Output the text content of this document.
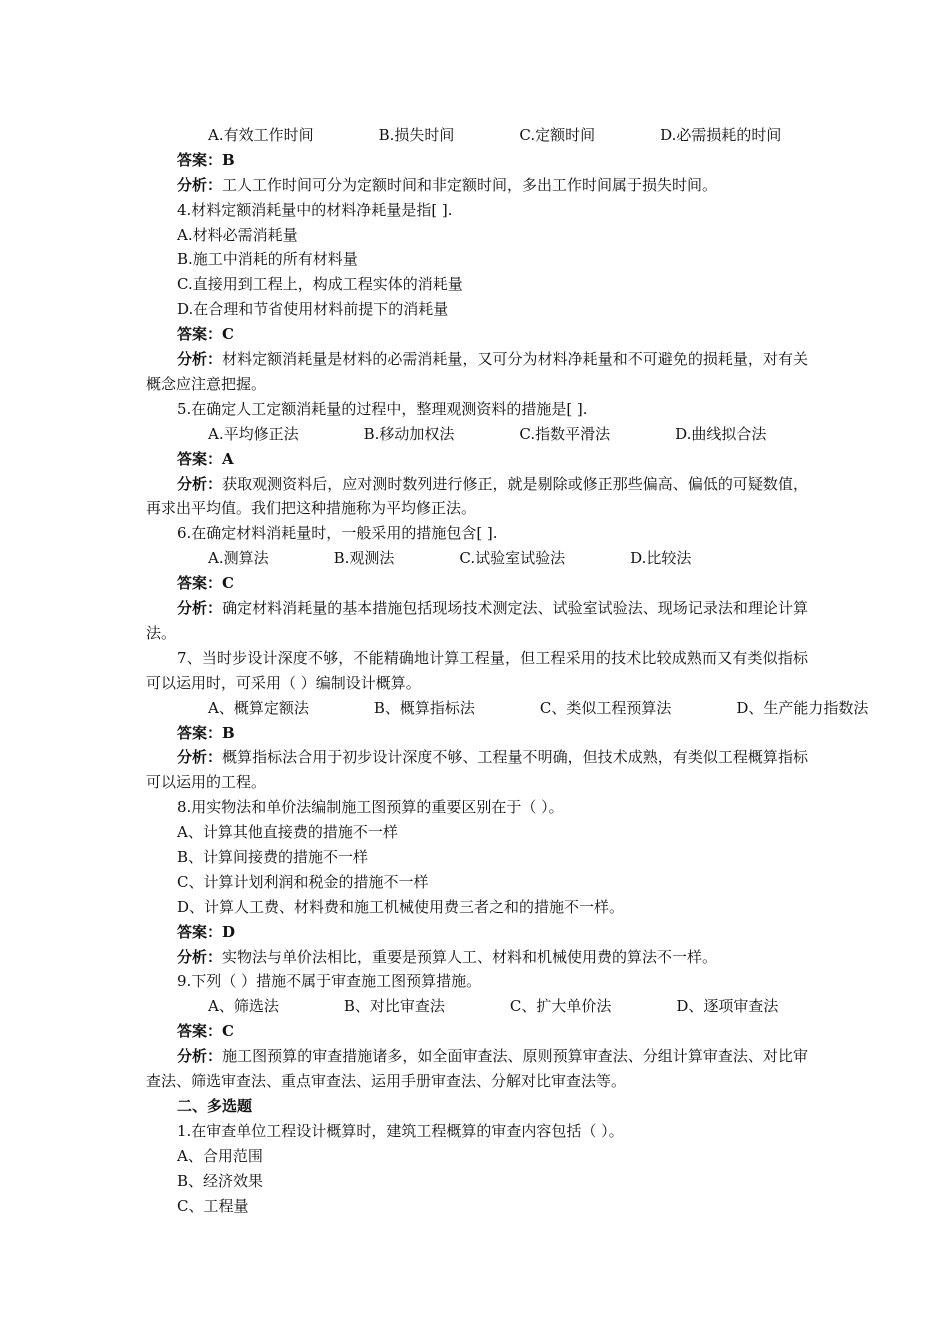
A.有效工作时间	B.损失时间	C.定额时间	D.必需损耗的时间
答案：B
分析：工人工作时间可分为定额时间和非定额时间，多出工作时间属于损失时间。
4.材料定额消耗量中的材料净耗量是指[ ].
A.材料必需消耗量
B.施工中消耗的所有材料量
C.直接用到工程上，构成工程实体的消耗量
D.在合理和节省使用材料前提下的消耗量
答案：C
分析：材料定额消耗量是材料的必需消耗量，又可分为材料净耗量和不可避免的损耗量，对有关概念应注意把握。
5.在确定人工定额消耗量的过程中，整理观测资料的措施是[ ].
A.平均修正法	B.移动加权法	C.指数平滑法	D.曲线拟合法
答案：A
分析：获取观测资料后，应对测时数列进行修正，就是剔除或修正那些偏高、偏低的可疑数值，再求出平均值。我们把这种措施称为平均修正法。
6.在确定材料消耗量时，一般采用的措施包含[ ].
A.测算法	B.观测法	C.试验室试验法	D.比较法
答案：C
分析：确定材料消耗量的基本措施包括现场技术测定法、试验室试验法、现场记录法和理论计算法。
7、当时步设计深度不够，不能精确地计算工程量，但工程采用的技术比较成熟而又有类似指标可以运用时，可采用（ ）编制设计概算。
A、概算定额法	B、概算指标法	C、类似工程预算法	D、生产能力指数法
答案：B
分析：概算指标法合用于初步设计深度不够、工程量不明确，但技术成熟，有类似工程概算指标可以运用的工程。
8.用实物法和单价法编制施工图预算的重要区别在于（ ）。
A、计算其他直接费的措施不一样
B、计算间接费的措施不一样
C、计算计划利润和税金的措施不一样
D、计算人工费、材料费和施工机械使用费三者之和的措施不一样。
答案：D
分析：实物法与单价法相比，重要是预算人工、材料和机械使用费的算法不一样。
9.下列（ ）措施不属于审查施工图预算措施。
A、筛选法	B、对比审查法	C、扩大单价法	D、逐项审查法
答案：C
分析：施工图预算的审查措施诸多，如全面审查法、原则预算审查法、分组计算审查法、对比审查法、筛选审查法、重点审查法、运用手册审查法、分解对比审查法等。
二、多选题
1.在审查单位工程设计概算时，建筑工程概算的审查内容包括（ ）。
A、合用范围
B、经济效果
C、工程量
